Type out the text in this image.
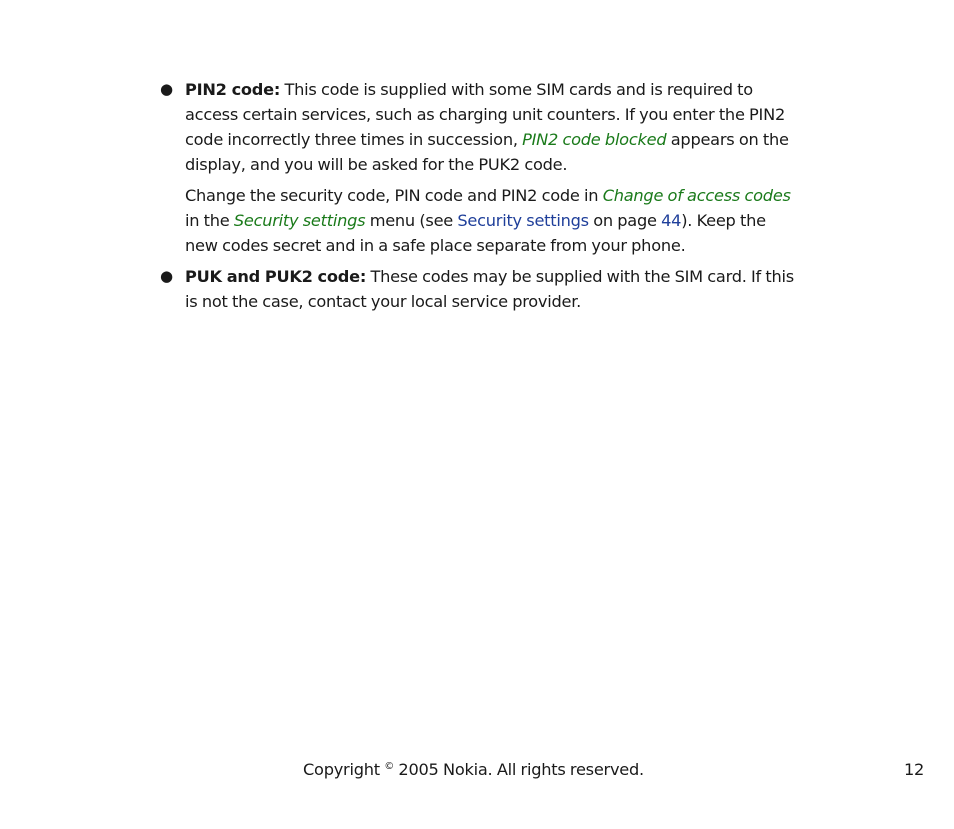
● PIN2 code: This code is supplied with some SIM cards and is required to access certain services, such as charging unit counters. If you enter the PIN2 code incorrectly three times in succession, PIN2 code blocked appears on the display, and you will be asked for the PUK2 code.

Change the security code, PIN code and PIN2 code in Change of access codes in the Security settings menu (see Security settings on page 44). Keep the new codes secret and in a safe place separate from your phone.

● PUK and PUK2 code: These codes may be supplied with the SIM card. If this is not the case, contact your local service provider.

Copyright © 2005 Nokia. All rights reserved.	12
